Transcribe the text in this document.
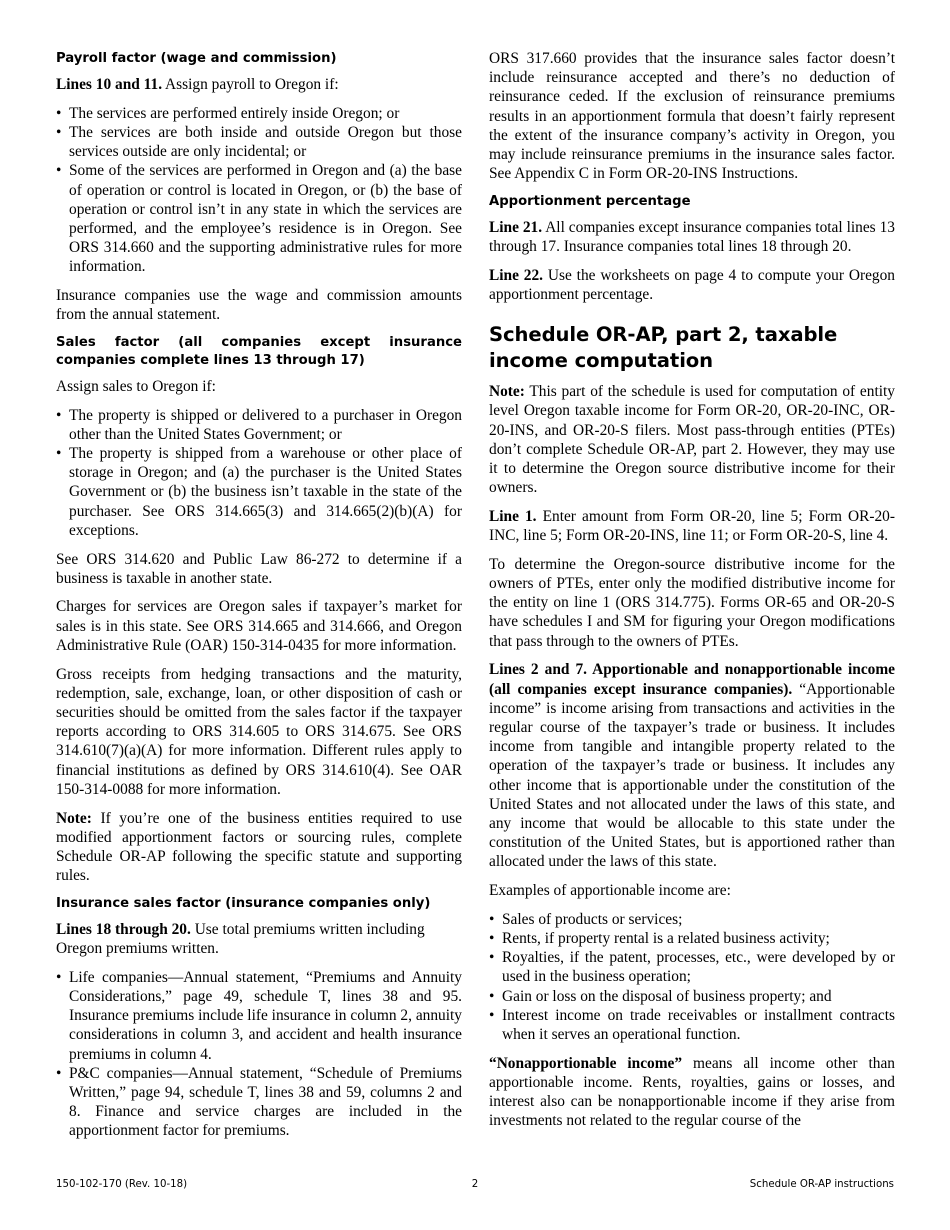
Payroll factor (wage and commission)

Lines 10 and 11. Assign payroll to Oregon if:

• The services are performed entirely inside Oregon; or
• The services are both inside and outside Oregon but those services outside are only incidental; or
• Some of the services are performed in Oregon and (a) the base of operation or control is located in Oregon, or (b) the base of operation or control isn’t in any state in which the services are performed, and the employee’s residence is in Oregon. See ORS 314.660 and the supporting administrative rules for more information.

Insurance companies use the wage and commission amounts from the annual statement.

Sales factor (all companies except insurance companies complete lines 13 through 17)

Assign sales to Oregon if:

• The property is shipped or delivered to a purchaser in Oregon other than the United States Government; or
• The property is shipped from a warehouse or other place of storage in Oregon; and (a) the purchaser is the United States Government or (b) the business isn’t taxable in the state of the purchaser. See ORS 314.665(3) and 314.665(2)(b)(A) for exceptions.

See ORS 314.620 and Public Law 86-272 to determine if a business is taxable in another state.

Charges for services are Oregon sales if taxpayer’s market for sales is in this state. See ORS 314.665 and 314.666, and Oregon Administrative Rule (OAR) 150-314-0435 for more information.

Gross receipts from hedging transactions and the maturity, redemption, sale, exchange, loan, or other disposition of cash or securities should be omitted from the sales factor if the taxpayer reports according to ORS 314.605 to ORS 314.675. See ORS 314.610(7)(a)(A) for more information. Different rules apply to financial institutions as defined by ORS 314.610(4). See OAR 150-314-0088 for more information.

Note: If you’re one of the business entities required to use modified apportionment factors or sourcing rules, complete Schedule OR-AP following the specific statute and supporting rules.

Insurance sales factor (insurance companies only)

Lines 18 through 20. Use total premiums written including Oregon premiums written.

• Life companies—Annual statement, “Premiums and Annuity Considerations,” page 49, schedule T, lines 38 and 95. Insurance premiums include life insurance in column 2, annuity considerations in column 3, and accident and health insurance premiums in column 4.
• P&C companies—Annual statement, “Schedule of Premiums Written,” page 94, schedule T, lines 38 and 59, columns 2 and 8. Finance and service charges are included in the apportionment factor for premiums.

ORS 317.660 provides that the insurance sales factor doesn’t include reinsurance accepted and there’s no deduction of reinsurance ceded. If the exclusion of reinsurance premiums results in an apportionment formula that doesn’t fairly represent the extent of the insurance company’s activity in Oregon, you may include reinsurance premiums in the insurance sales factor. See Appendix C in Form OR-20-INS Instructions.

Apportionment percentage

Line 21. All companies except insurance companies total lines 13 through 17. Insurance companies total lines 18 through 20.

Line 22. Use the worksheets on page 4 to compute your Oregon apportionment percentage.

Schedule OR-AP, part 2, taxable income computation

Note: This part of the schedule is used for computation of entity level Oregon taxable income for Form OR-20, OR-20-INC, OR-20-INS, and OR-20-S filers. Most pass-through entities (PTEs) don’t complete Schedule OR-AP, part 2. However, they may use it to determine the Oregon source distributive income for their owners.

Line 1. Enter amount from Form OR-20, line 5; Form OR-20-INC, line 5; Form OR-20-INS, line 11; or Form OR-20-S, line 4.

To determine the Oregon-source distributive income for the owners of PTEs, enter only the modified distributive income for the entity on line 1 (ORS 314.775). Forms OR-65 and OR-20-S have schedules I and SM for figuring your Oregon modifications that pass through to the owners of PTEs.

Lines 2 and 7. Apportionable and nonapportionable income (all companies except insurance companies). “Apportionable income” is income arising from transactions and activities in the regular course of the taxpayer’s trade or business. It includes income from tangible and intangible property related to the operation of the taxpayer’s trade or business. It includes any other income that is apportionable under the constitution of the United States and not allocated under the laws of this state, and any income that would be allocable to this state under the constitution of the United States, but is apportioned rather than allocated under the laws of this state.

Examples of apportionable income are:

• Sales of products or services;
• Rents, if property rental is a related business activity;
• Royalties, if the patent, processes, etc., were developed by or used in the business operation;
• Gain or loss on the disposal of business property; and
• Interest income on trade receivables or installment contracts when it serves an operational function.

“Nonapportionable income” means all income other than apportionable income. Rents, royalties, gains or losses, and interest also can be nonapportionable income if they arise from investments not related to the regular course of the

150-102-170 (Rev. 10-18)	2	Schedule OR-AP instructions
